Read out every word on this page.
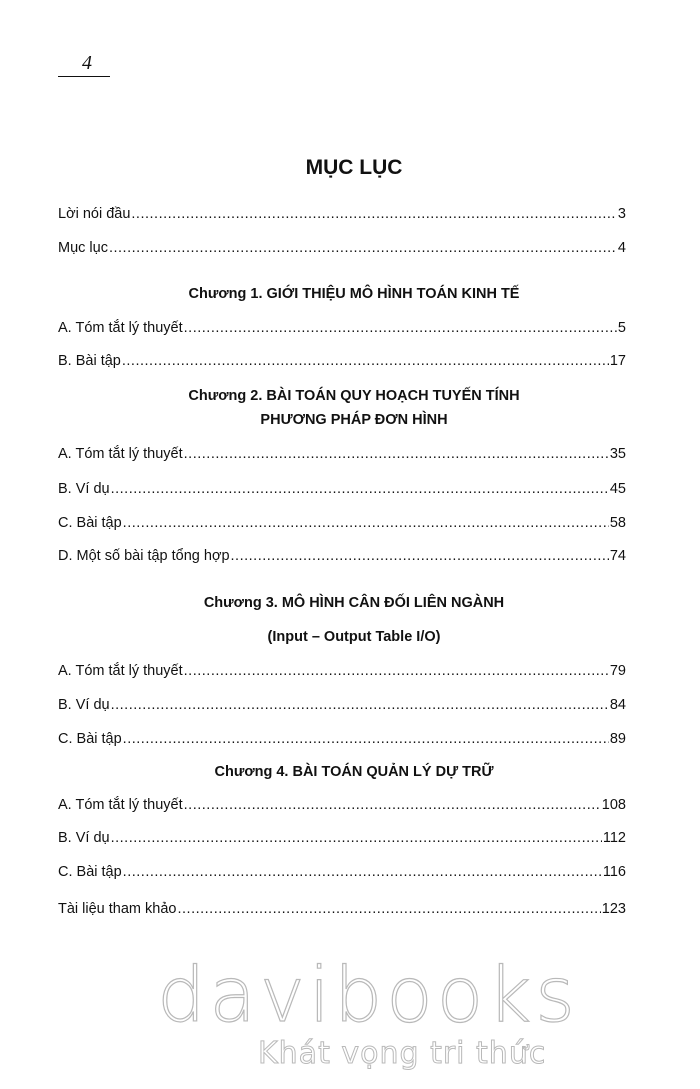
4
MỤC LỤC
Lời nói đầu .....	3
Mục lục .....	4
Chương 1. GIỚI THIỆU MÔ HÌNH TOÁN KINH TẾ
A. Tóm tắt lý thuyết .....	5
B. Bài tập .....	17
Chương 2. BÀI TOÁN QUY HOẠCH TUYẾN TÍNH
PHƯƠNG PHÁP ĐƠN HÌNH
A. Tóm tắt lý thuyết .....	35
B. Ví dụ .....	45
C. Bài tập .....	58
D. Một số bài tập tổng hợp .....	74
Chương 3. MÔ HÌNH CÂN ĐỐI LIÊN NGÀNH
(Input – Output Table I/O)
A. Tóm tắt lý thuyết .....	79
B. Ví dụ .....	84
C. Bài tập .....	89
Chương 4. BÀI TOÁN QUẢN LÝ DỰ TRỮ
A. Tóm tắt lý thuyết .....	108
B. Ví dụ .....	112
C. Bài tập .....	116
Tài liệu tham khảo .....	123
davibooks
Khát vọng tri thức
